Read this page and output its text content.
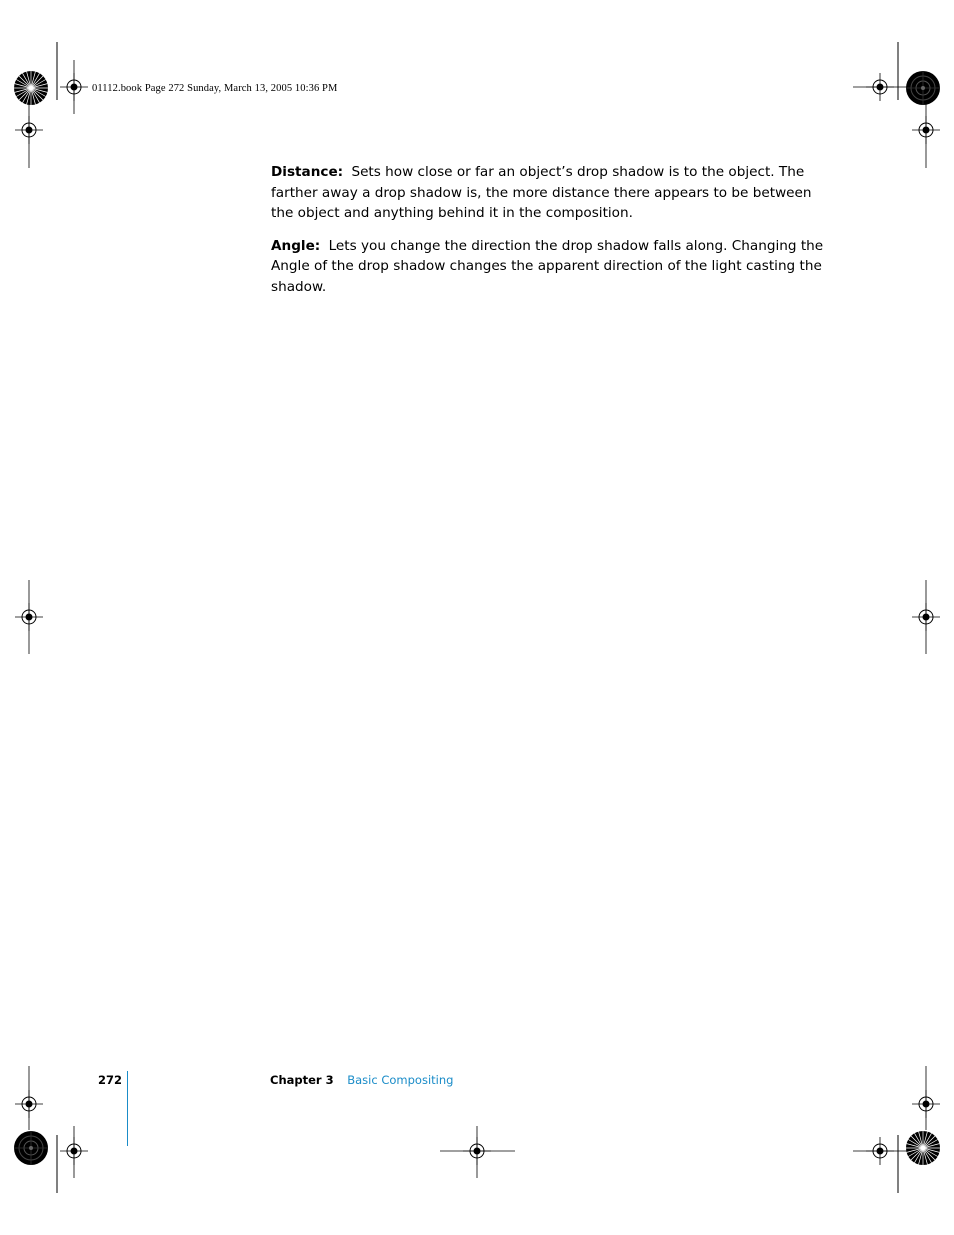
01112.book Page 272 Sunday, March 13, 2005 10:36 PM

Distance: Sets how close or far an object’s drop shadow is to the object. The farther away a drop shadow is, the more distance there appears to be between the object and anything behind it in the composition.

Angle: Lets you change the direction the drop shadow falls along. Changing the Angle of the drop shadow changes the apparent direction of the light casting the shadow.

272	Chapter 3 Basic Compositing
